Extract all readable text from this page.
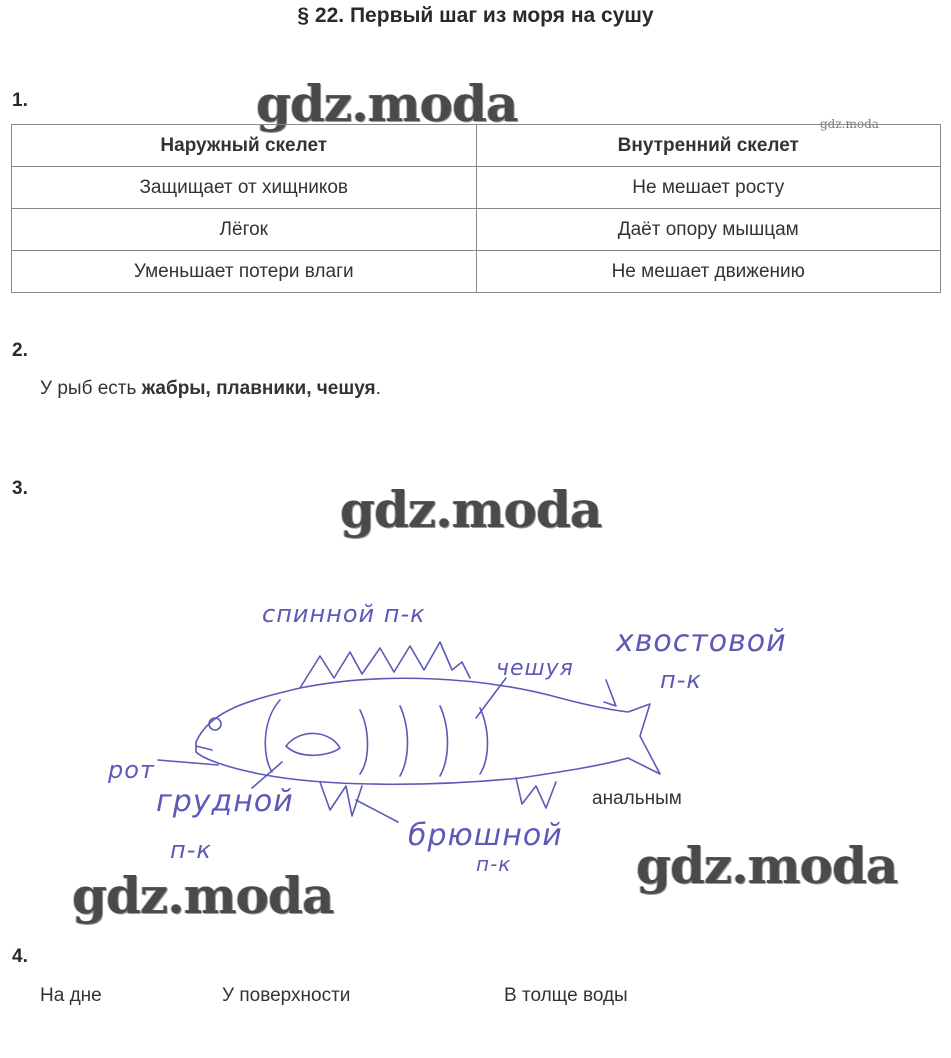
§ 22. Первый шаг из моря на сушу
1.	gdz.moda	gdz.moda
Наружный скелет	Внутренний скелет
Защищает от хищников	Не мешает росту
Лёгок	Даёт опору мышцам
Уменьшает потери влаги	Не мешает движению
2.
У рыб есть жабры, плавники, чешуя.
3.	gdz.moda
спинной п-к
хвостовой
п-к
чешуя
рот
грудной
п-к	брюшной
п-к
анальным
gdz.moda
gdz.moda
4.
На дне	У поверхности	В толще воды
